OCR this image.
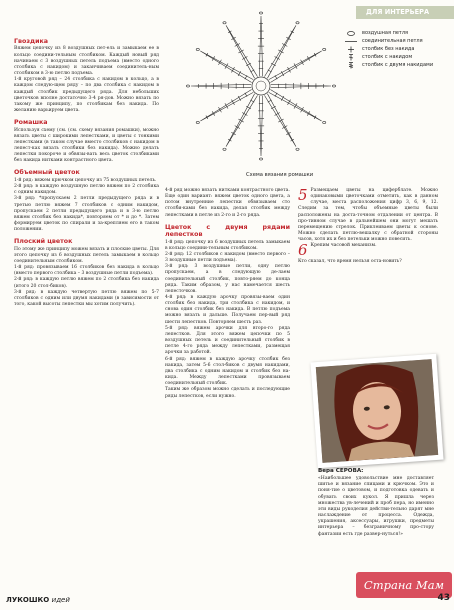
ДЛЯ ИНТЕРЬЕРА
воздушная петля
соединительная петля
столбик без накида
столбик с накидом
столбик с двумя накидами
Схема вязания ромашки
Гвоздика

Вяжем цепочку из 8 воздушных пет-ель и замыкаем ее в кольцо соедини-тельным столбиком. Каждый новый ряд начинаем с 3 воздушных петель подъема (вместо одного столбика с накидом) и заканчиваем соединитель-ным столбиком в 3-ю петлю подъема.

1-й круговой ряд – 24 столбика с накидом в кольцо, а в каждом следую-щем ряду – по два столбика с накидом в каждый столбик предыдущего ряда. Для небольших цветочков вполне достаточно 3-4 ря-дов. Можно вязать по такому же принципу, по столбикам без накида. По желанию варьируем цвета.

Ромашка

Используя схему (см. (см. схему вязания ромашки), можно вязать цветы с широкими лепестками, и цветы с тонкими лепестками (в таком случае вместо столбиков с накидом в лепест-ках вязать столбики без накида). Можно делать лепестки покороче и обвязы-вать весь цветок столбиками без накида нитками контрастного цвета.

Объемный цветок

1-й ряд: вяжем крючком цепочку из 75 воздушных петель.

2-й ряд: в каждую воздушную петлю вяжем по 2 столбика с одним накидом.

3-й ряд: *пропускаем 2 петли предыдущего ряда и в третью петлю вяжем 7 столбиков с одним накидом, пропускаем 2 петли предыдущего ряда и в 3-ю петлю вяжем столбик без накида*, повторяем от * и до *. Затем формируем цветок по спирали и за-крепляем его в таком положении.

Плоский цветок

По этому же принципу можем вязать и плоские цветы. Для этого цепочку из 6 воздушных петель замыкаем в кольцо соединительным столбиком.

1-й ряд: провязываем 16 столбиков без накида в кольцо (вместо первого столбика – 3 воздушные петли подъема).

2-й ряд: в каждую петлю вяжем по 2 столбика без накида (итого 20 стол-биков).

3-й ряд: в каждую четвертую петлю вяжем по 5-7 столбиков с одним или двумя накидами (в зависимости от того, какой высоты лепестки мы хотим получить).

4-й ряд можно вязать нитками контрастного цвета.

Еще один вариант: вяжем цветок одного цвета, а потом внутренние лепестки обвязываем сто столби-ками без накида, делая столбик между лепестками в петле из 2-го и 2-го ряда.

Цветок с двумя рядами лепестков

1-й ряд: цепочку из 6 воздушных петель замыкаем в кольцо соедини-тельным столбиком.

2-й ряд: 12 столбиков с накидом (вместо первого – 3 воздушные петли подъема).

3-й ряд: 3 воздушные петли, одну петлю пропускаем, а в следующую де-лаем соединительный столбик, повто-ряем до конца ряда. Таким образом, у нас намечается шесть лепесточков.

4-й ряд: в каждую арочку провязы-ваем один столбик без накида, три столбика с накидом, и снова один столбик без накида. В петлю подъема можно вязать и дальше. Получаем пер-вый ряд шести лепестков. Повторяем шесть раз.

5-й ряд: вяжем арочки для второ-го ряда лепестков. Для этого вяжем цепочки по 5 воздушных петель и соединительный столбик в петле 4-го ряда между лепестками, размещая арочки за работой.

6-й ряд: вяжем в каждую арочку столбик без накида, затем 5-6 стол-биков с двумя накидами, два столбика с одним накидом и столбик без на-кида. Между лепестками провязываем соединительный столбик.

Таким же образом можно сделать и последующие ряды лепестков, если нужно.

5 Размещаем цветы на циферблате. Можно одинаковыми цветочками отметить, как в данном случае, места расположения цифр 3, 6, 9, 12. Следим за тем, чтобы объемные цветы были расположены на доста-точном отдалении от центра. В про-тивном случае в дальнейшем они могут мешать перемещению стрелок. Приклеиваем цветы к основе. Можно сделать петлю-вешалку с обратной стороны часов, хотя их и без петельки можно повесить.

6 Крепим часовой механизм.

Кто сказал, что время нельзя оста-новить?

Вера СЕРОВА:

«Наибольшее удовольствие мне доставляет шитье и вязание спицами и крючком. Это и поня-тие о цветовом, и подготовка одевать и обувать своих кукол. Я пришла через множества ув-лечений и проб пера, но именно эти виды рукоделия действи-тельно дарят мне наслаждение от процесса. Одежда, украшения, аксессуары, игрушки, предметы интерьера – безграничному про-стору фантазии есть где развер-нуться!»

Страна Мам
ЛУКОШКО идей	43
